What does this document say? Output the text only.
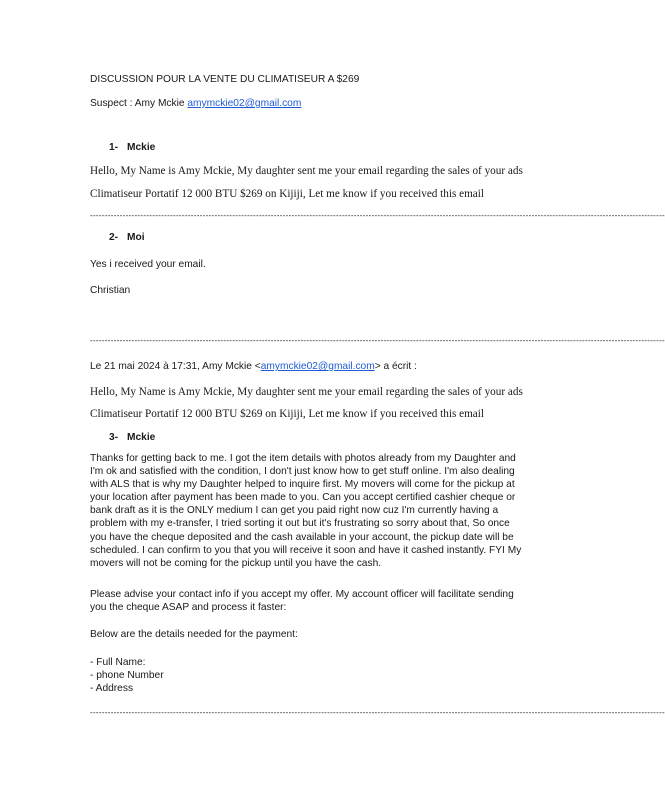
DISCUSSION POUR LA VENTE DU CLIMATISEUR A $269

Suspect : Amy Mckie amymckie02@gmail.com

1- Mckie

Hello, My Name is Amy Mckie, My daughter sent me your email regarding the sales of your ads

Climatiseur Portatif 12 000 BTU $269 on Kijiji, Let me know if you received this email

--------------------------------------------------------------------------------------------------------------------------------------------------------------------------------------------------

2- Moi

Yes i received your email.

Christian

--------------------------------------------------------------------------------------------------------------------------------------------------------------------------------------------------

Le 21 mai 2024 à 17:31, Amy Mckie <amymckie02@gmail.com> a écrit :

Hello, My Name is Amy Mckie, My daughter sent me your email regarding the sales of your ads

Climatiseur Portatif 12 000 BTU $269 on Kijiji, Let me know if you received this email

3- Mckie

Thanks for getting back to me. I got the item details with photos already from my Daughter and
I'm ok and satisfied with the condition, I don't just know how to get stuff online. I'm also dealing
with ALS that is why my Daughter helped to inquire first. My movers will come for the pickup at
your location after payment has been made to you. Can you accept certified cashier cheque or
bank draft as it is the ONLY medium I can get you paid right now cuz I'm currently having a
problem with my e-transfer, I tried sorting it out but it's frustrating so sorry about that, So once
you have the cheque deposited and the cash available in your account, the pickup date will be
scheduled. I can confirm to you that you will receive it soon and have it cashed instantly. FYI My
movers will not be coming for the pickup until you have the cash.
Please advise your contact info if you accept my offer. My account officer will facilitate sending
you the cheque ASAP and process it faster:

Below are the details needed for the payment:

- Full Name:
- phone Number
- Address
--------------------------------------------------------------------------------------------------------------------------------------------------------------------------------------------------
